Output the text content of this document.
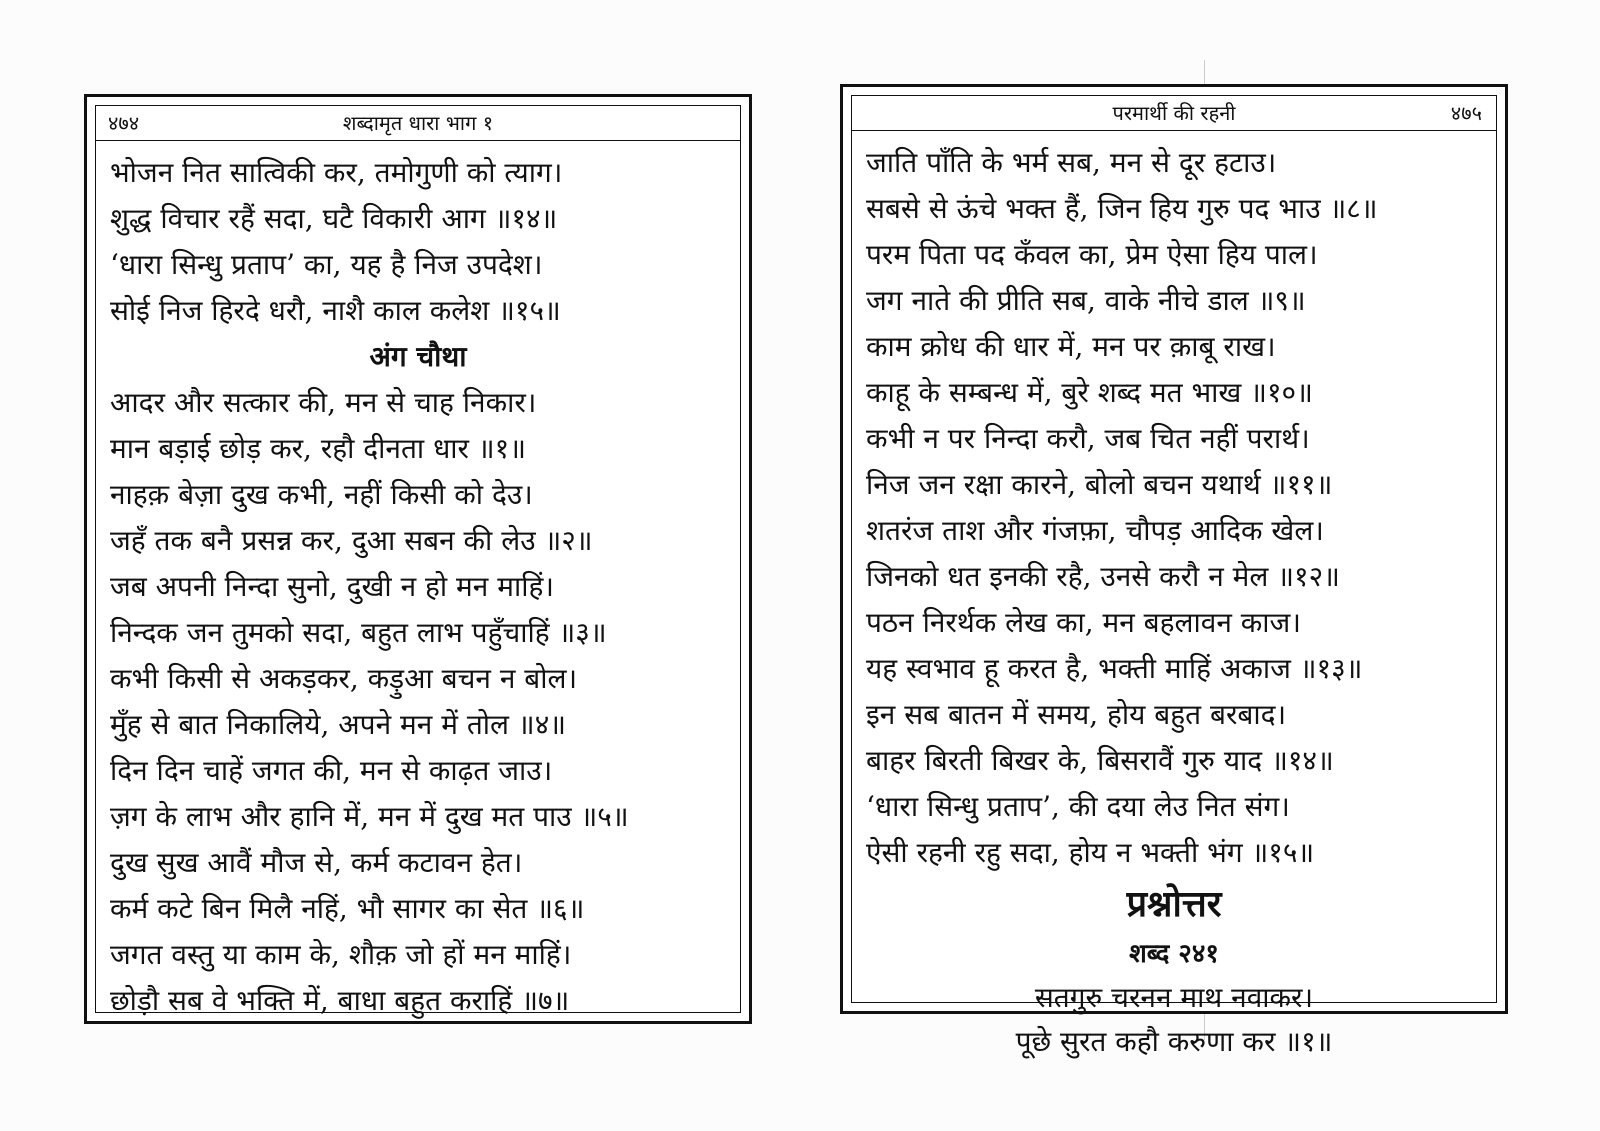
४७४	शब्दामृत धारा भाग १
भोजन नित सात्विकी कर, तमोगुणी को त्याग।
शुद्ध विचार रहैं सदा, घटै विकारी आग ॥१४॥
‘धारा सिन्धु प्रताप’ का, यह है निज उपदेश।
सोई निज हिरदे धरौ, नाशै काल कलेश ॥१५॥
अंग चौथा
आदर और सत्कार की, मन से चाह निकार।
मान बड़ाई छोड़ कर, रहौ दीनता धार ॥१॥
नाहक़ बेज़ा दुख कभी, नहीं किसी को देउ।
जहँ तक बनै प्रसन्न कर, दुआ सबन की लेउ ॥२॥
जब अपनी निन्दा सुनो, दुखी न हो मन माहिं।
निन्दक जन तुमको सदा, बहुत लाभ पहुँचाहिं ॥३॥
कभी किसी से अकड़कर, कड़ुआ बचन न बोल।
मुँह से बात निकालिये, अपने मन में तोल ॥४॥
दिन दिन चाहें जगत की, मन से काढ़त जाउ।
ज़ग के लाभ और हानि में, मन में दुख मत पाउ ॥५॥
दुख सुख आवैं मौज से, कर्म कटावन हेत।
कर्म कटे बिन मिलै नहिं, भौ सागर का सेत ॥६॥
जगत वस्तु या काम के, शौक़ जो हों मन माहिं।
छोड़ौ सब वे भक्ति में, बाधा बहुत कराहिं ॥७॥
परमार्थी की रहनी	४७५
जाति पाँति के भर्म सब, मन से दूर हटाउ।
सबसे से ऊंचे भक्त हैं, जिन हिय गुरु पद भाउ ॥८॥
परम पिता पद कँवल का, प्रेम ऐसा हिय पाल।
जग नाते की प्रीति सब, वाके नीचे डाल ॥९॥
काम क्रोध की धार में, मन पर क़ाबू राख।
काहू के सम्बन्ध में, बुरे शब्द मत भाख ॥१०॥
कभी न पर निन्दा करौ, जब चित नहीं परार्थ।
निज जन रक्षा कारने, बोलो बचन यथार्थ ॥११॥
शतरंज ताश और गंजफ़ा, चौपड़ आदिक खेल।
जिनको धत इनकी रहै, उनसे करौ न मेल ॥१२॥
पठन निरर्थक लेख का, मन बहलावन काज।
यह स्वभाव हू करत है, भक्ती माहिं अकाज ॥१३॥
इन सब बातन में समय, होय बहुत बरबाद।
बाहर बिरती बिखर के, बिसरावैं गुरु याद ॥१४॥
‘धारा सिन्धु प्रताप’, की दया लेउ नित संग।
ऐसी रहनी रहु सदा, होय न भक्ती भंग ॥१५॥
प्रश्नोत्तर
शब्द २४१
सतगुरु चरनन माथ नवाकर।
पूछे सुरत कहौ करुणा कर ॥१॥
